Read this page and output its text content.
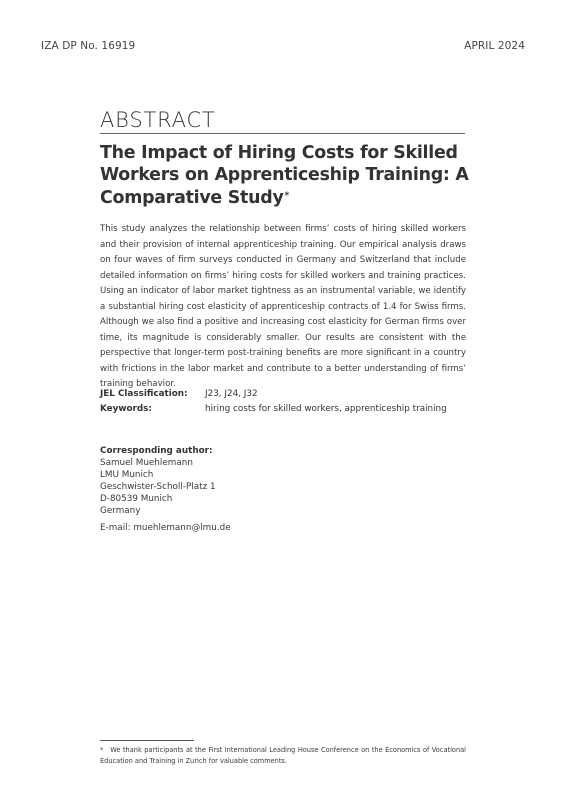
IZA DP No. 16919	APRIL 2024
ABSTRACT
The Impact of Hiring Costs for Skilled Workers on Apprenticeship Training: A Comparative Study*

This study analyzes the relationship between firms’ costs of hiring skilled workers and their provision of internal apprenticeship training. Our empirical analysis draws on four waves of firm surveys conducted in Germany and Switzerland that include detailed information on firms’ hiring costs for skilled workers and training practices. Using an indicator of labor market tightness as an instrumental variable, we identify a substantial hiring cost elasticity of apprenticeship contracts of 1.4 for Swiss firms. Although we also find a positive and increasing cost elasticity for German firms over time, its magnitude is considerably smaller. Our results are consistent with the perspective that longer-term post-training benefits are more significant in a country with frictions in the labor market and contribute to a better understanding of firms’ training behavior.

JEL Classification: J23, J24, J32
Keywords:	hiring costs for skilled workers, apprenticeship training
Corresponding author:
Samuel Muehlemann
LMU Munich
Geschwister-Scholl-Platz 1
D-80539 Munich
Germany
E-mail: muehlemann@lmu.de

* We thank participants at the First International Leading House Conference on the Economics of Vocational Education and Training in Zurich for valuable comments.
